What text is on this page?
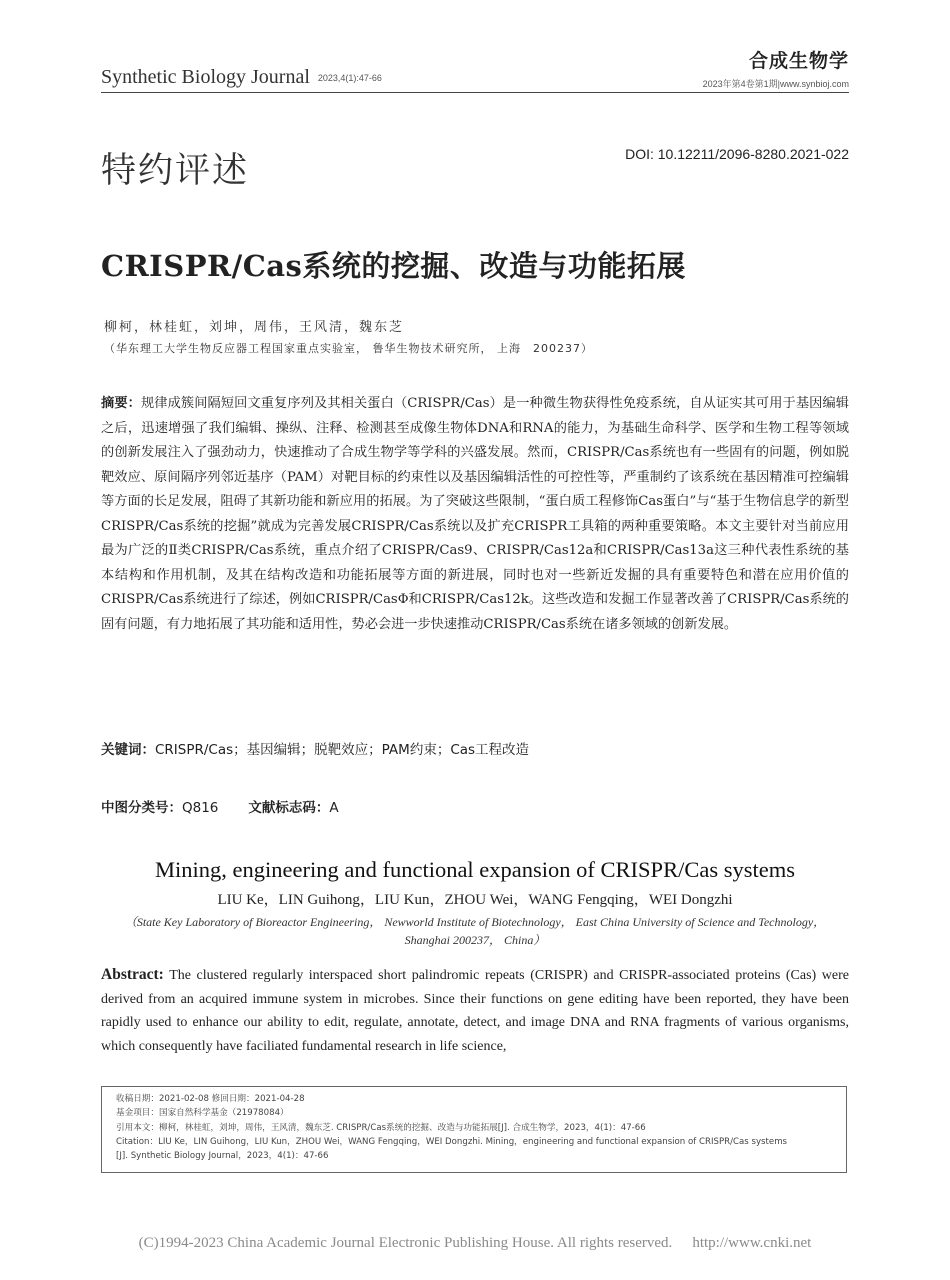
Synthetic Biology Journal $^{2023,4(1):47-66}$
合成生物学
2023年第4卷第1期|www.synbioj.com
特约评述	DOI: 10.12211/2096-8280.2021-022
CRISPR/Cas系统的挖掘、改造与功能拓展
柳柯，林桂虹，刘坤，周伟，王风清，魏东芝
（华东理工大学生物反应器工程国家重点实验室， 鲁华生物技术研究所， 上海　200237）
摘要：规律成簇间隔短回文重复序列及其相关蛋白（CRISPR/Cas）是一种微生物获得性免疫系统，自从证实其可用于基因编辑之后，迅速增强了我们编辑、操纵、注释、检测甚至成像生物体DNA和RNA的能力，为基础生命科学、医学和生物工程等领域的创新发展注入了强劲动力，快速推动了合成生物学等学科的兴盛发展。然而，CRISPR/Cas系统也有一些固有的问题，例如脱靶效应、原间隔序列邻近基序（PAM）对靶目标的约束性以及基因编辑活性的可控性等，严重制约了该系统在基因精准可控编辑等方面的长足发展，阻碍了其新功能和新应用的拓展。为了突破这些限制，“蛋白质工程修饰Cas蛋白”与“基于生物信息学的新型CRISPR/Cas系统的挖掘”就成为完善发展CRISPR/Cas系统以及扩充CRISPR工具箱的两种重要策略。本文主要针对当前应用最为广泛的Ⅱ类CRISPR/Cas系统，重点介绍了CRISPR/Cas9、CRISPR/Cas12a和CRISPR/Cas13a这三种代表性系统的基本结构和作用机制，及其在结构改造和功能拓展等方面的新进展，同时也对一些新近发掘的具有重要特色和潜在应用价值的CRISPR/Cas系统进行了综述，例如CRISPR/CasΦ和CRISPR/Cas12k。这些改造和发掘工作显著改善了CRISPR/Cas系统的固有问题，有力地拓展了其功能和适用性，势必会进一步快速推动CRISPR/Cas系统在诸多领域的创新发展。
关键词：CRISPR/Cas；基因编辑；脱靶效应；PAM约束；Cas工程改造
中图分类号：Q816 文献标志码：A
Mining, engineering and functional expansion of CRISPR/Cas systems
LIU Ke，LIN Guihong，LIU Kun，ZHOU Wei，WANG Fengqing，WEI Dongzhi
（State Key Laboratory of Bioreactor Engineering， Newworld Institute of Biotechnology， East China University of Science and Technology， Shanghai 200237， China）
Abstract: The clustered regularly interspaced short palindromic repeats (CRISPR) and CRISPR-associated proteins (Cas) were derived from an acquired immune system in microbes. Since their functions on gene editing have been reported, they have been rapidly used to enhance our ability to edit, regulate, annotate, detect, and image DNA and RNA fragments of various organisms, which consequently have faciliated fundamental research in life science,
收稿日期：2021-02-08 修回日期：2021-04-28
基金项目：国家自然科学基金（21978084）
引用本文：柳柯，林桂虹，刘坤，周伟，王风清，魏东芝. CRISPR/Cas系统的挖掘、改造与功能拓展[J]. 合成生物学，2023，4(1)：47-66
Citation：LIU Ke，LIN Guihong，LIU Kun，ZHOU Wei，WANG Fengqing，WEI Dongzhi. Mining，engineering and functional expansion of CRISPR/Cas systems
[J]. Synthetic Biology Journal，2023，4(1)：47-66
(C)1994-2023 China Academic Journal Electronic Publishing House. All rights reserved. http://www.cnki.net
